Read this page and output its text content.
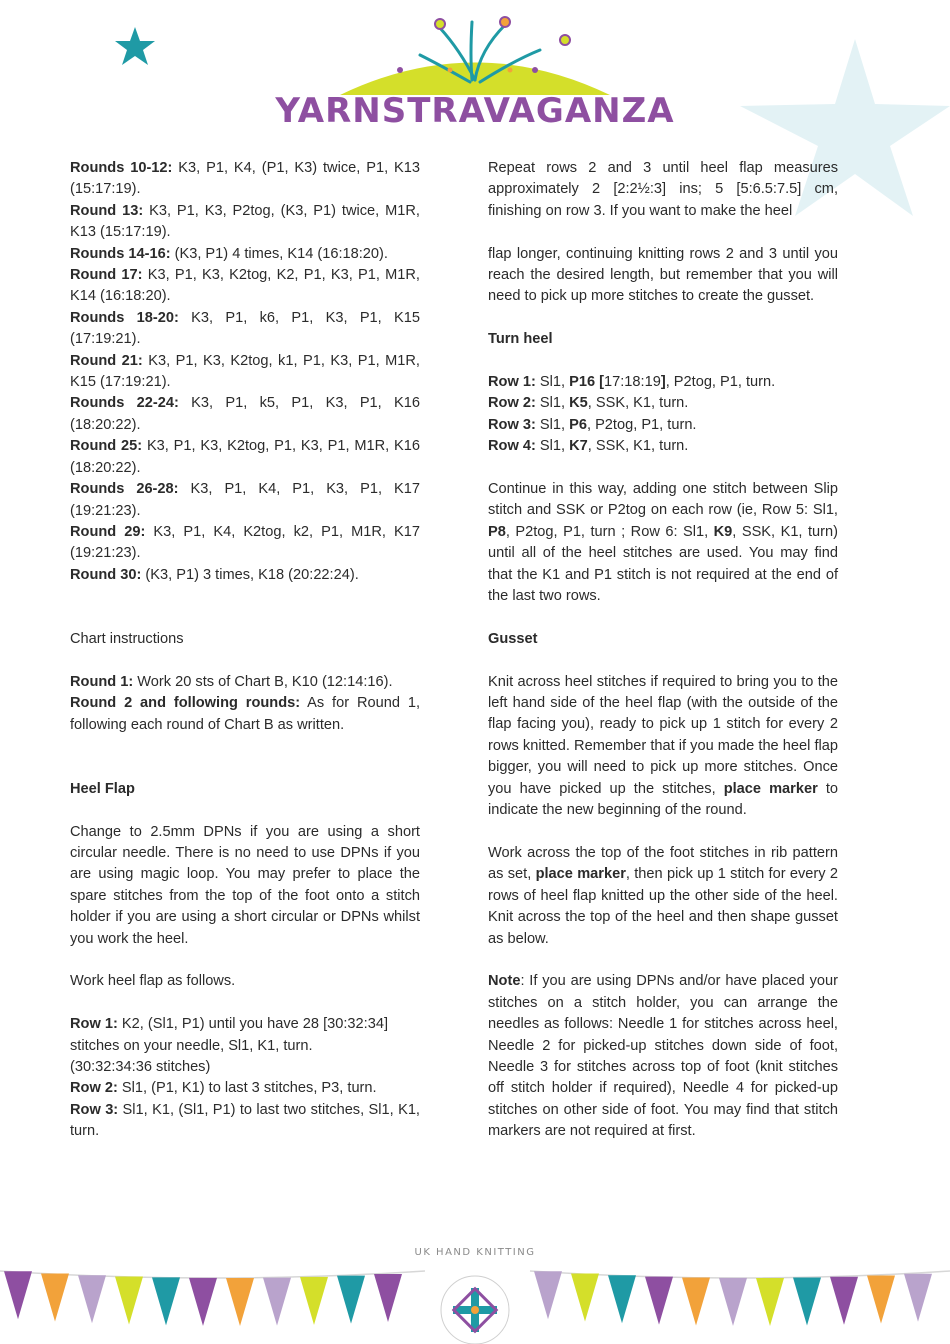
YARNSTRAVAGANZA

Rounds 10-12: K3, P1, K4, (P1, K3) twice, P1, K13 (15:17:19).

Round 13: K3, P1, K3, P2tog, (K3, P1) twice, M1R, K13 (15:17:19).

Rounds 14-16: (K3, P1) 4 times, K14 (16:18:20).

Round 17: K3, P1, K3, K2tog, K2, P1, K3, P1, M1R, K14 (16:18:20).

Rounds 18-20: K3, P1, k6, P1, K3, P1, K15 (17:19:21).

Round 21: K3, P1, K3, K2tog, k1, P1, K3, P1, M1R, K15 (17:19:21).

Rounds 22-24: K3, P1, k5, P1, K3, P1, K16 (18:20:22).

Round 25: K3, P1, K3, K2tog, P1, K3, P1, M1R, K16 (18:20:22).

Rounds 26-28: K3, P1, K4, P1, K3, P1, K17 (19:21:23).

Round 29: K3, P1, K4, K2tog, k2, P1, M1R, K17 (19:21:23).

Round 30: (K3, P1) 3 times, K18 (20:22:24).

Chart instructions

Round 1: Work 20 sts of Chart B, K10 (12:14:16).

Round 2 and following rounds: As for Round 1, following each round of Chart B as written.

Heel Flap

Change to 2.5mm DPNs if you are using a short circular needle. There is no need to use DPNs if you are using magic loop. You may prefer to place the spare stitches from the top of the foot onto a stitch holder if you are using a short circular or DPNs whilst you work the heel.

Work heel flap as follows.

Row 1: K2, (Sl1, P1) until you have 28 [30:32:34] stitches on your needle, Sl1, K1, turn.

(30:32:34:36 stitches)

Row 2: Sl1, (P1, K1) to last 3 stitches, P3, turn.

Row 3: Sl1, K1, (Sl1, P1) to last two stitches, Sl1, K1, turn.

Repeat rows 2 and 3 until heel flap measures approximately 2 [2:2½:3] ins; 5 [5:6.5:7.5] cm, finishing on row 3. If you want to make the heel

flap longer, continuing knitting rows 2 and 3 until you reach the desired length, but remember that you will need to pick up more stitches to create the gusset.

Turn heel

Row 1: Sl1, P16 [17:18:19], P2tog, P1, turn.

Row 2: Sl1, K5, SSK, K1, turn.

Row 3: Sl1, P6, P2tog, P1, turn.

Row 4: Sl1, K7, SSK, K1, turn.

Continue in this way, adding one stitch between Slip stitch and SSK or P2tog on each row (ie, Row 5: Sl1, P8, P2tog, P1, turn ; Row 6: Sl1, K9, SSK, K1, turn) until all of the heel stitches are used. You may find that the K1 and P1 stitch is not required at the end of the last two rows.

Gusset

Knit across heel stitches if required to bring you to the left hand side of the heel flap (with the outside of the flap facing you), ready to pick up 1 stitch for every 2 rows knitted. Remember that if you made the heel flap bigger, you will need to pick up more stitches. Once you have picked up the stitches, place marker to indicate the new beginning of the round.

Work across the top of the foot stitches in rib pattern as set, place marker, then pick up 1 stitch for every 2 rows of heel flap knitted up the other side of the heel. Knit across the top of the heel and then shape gusset as below.

Note: If you are using DPNs and/or have placed your stitches on a stitch holder, you can arrange the needles as follows: Needle 1 for stitches across heel, Needle 2 for picked-up stitches down side of foot, Needle 3 for stitches across top of foot (knit stitches off stitch holder if required), Needle 4 for picked-up stitches on other side of foot. You may find that stitch markers are not required at first.

UK HAND KNITTING
